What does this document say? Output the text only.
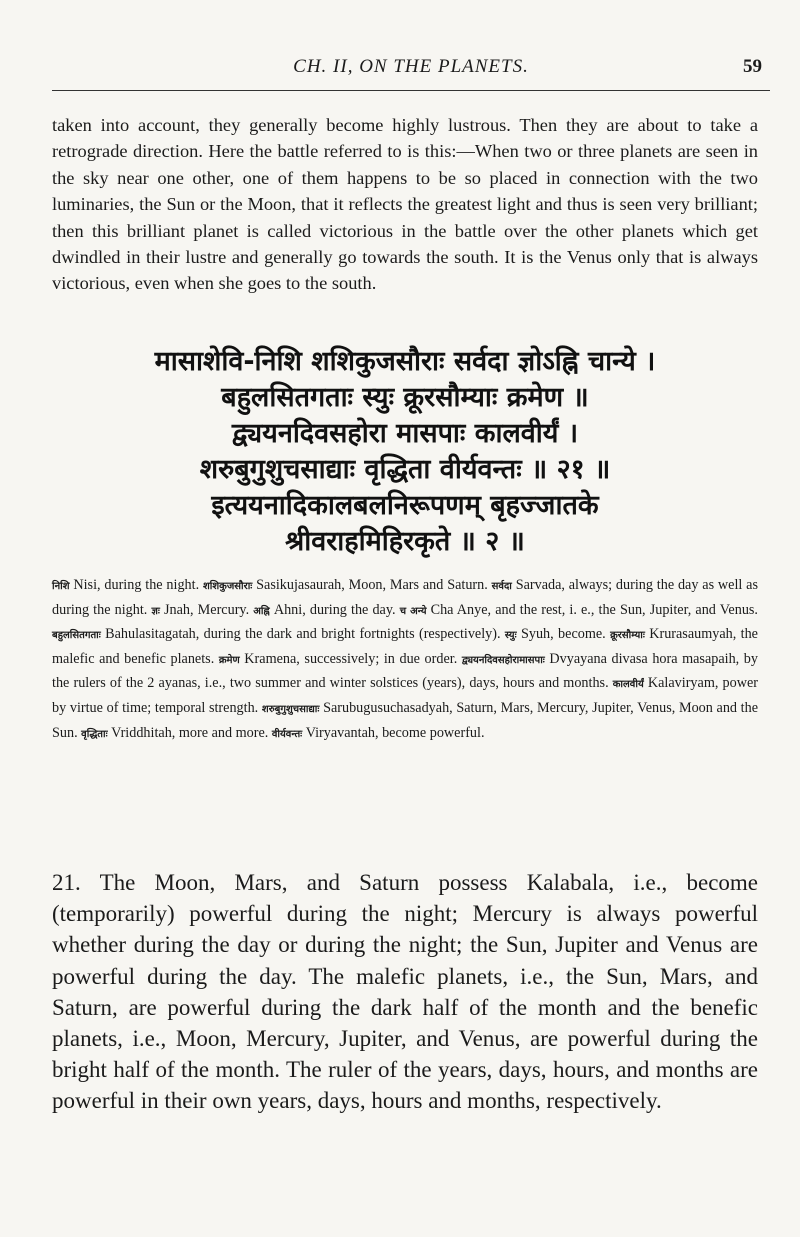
CH. II, ON THE PLANETS.	59

taken into account, they generally become highly lustrous. Then they are about to take a retrograde direction. Here the battle referred to is this:—When two or three planets are seen in the sky near one other, one of them happens to be so placed in connection with the two luminaries, the Sun or the Moon, that it reflects the greatest light and thus is seen very brilliant; then this brilliant planet is called victorious in the battle over the other planets which get dwindled in their lustre and generally go towards the south. It is the Venus only that is always victorious, even when she goes to the south.

मासाशेवि-निशि शशिकुजसौराः सर्वदा ज्ञोऽह्नि चान्ये ।
बहुलसितगताः स्युः क्रूरसौम्याः क्रमेण ॥
द्व्ययनदिवसहोरा मासपाः कालवीर्यं ।
शरुबुगुशुचसाद्याः वृद्धिता वीर्यवन्तः ॥ २१ ॥
इत्ययनादिकालबलनिरूपणम् बृहज्जातके
श्रीवराहमिहिरकृते ॥ २ ॥

निशि Nisi, during the night. शशिकुजसौराः Sasikujasaurah, Moon, Mars and Saturn. सर्वदा Sarvada, always; during the day as well as during the night. ज्ञः Jnah, Mercury. अह्नि Ahni, during the day. च अन्ये Cha Anye, and the rest, i. e., the Sun, Jupiter, and Venus. बहुलसितगताः Bahulasitagatah, during the dark and bright fortnights (respectively). स्युः Syuh, become. क्रूरसौम्याः Krurasaumyah, the malefic and benefic planets. क्रमेण Kramena, successively; in due order. द्व्ययनदिवसहोरामासपाः Dvyayana divasa hora masapaih, by the rulers of the 2 ayanas, i.e., two summer and winter solstices (years), days, hours and months. कालवीर्यं Kalaviryam, power by virtue of time; temporal strength. शरुबुगुशुचसाद्याः Sarubugusuchasadyah, Saturn, Mars, Mercury, Jupiter, Venus, Moon and the Sun. वृद्धिताः Vriddhitah, more and more. वीर्यवन्तः Viryavantah, become powerful.

21. The Moon, Mars, and Saturn possess Kalabala, i.e., become (temporarily) powerful during the night; Mercury is always powerful whether during the day or during the night; the Sun, Jupiter and Venus are powerful during the day. The malefic planets, i.e., the Sun, Mars, and Saturn, are powerful during the dark half of the month and the benefic planets, i.e., Moon, Mercury, Jupiter, and Venus, are powerful during the bright half of the month. The ruler of the years, days, hours, and months are powerful in their own years, days, hours and months, respectively.
